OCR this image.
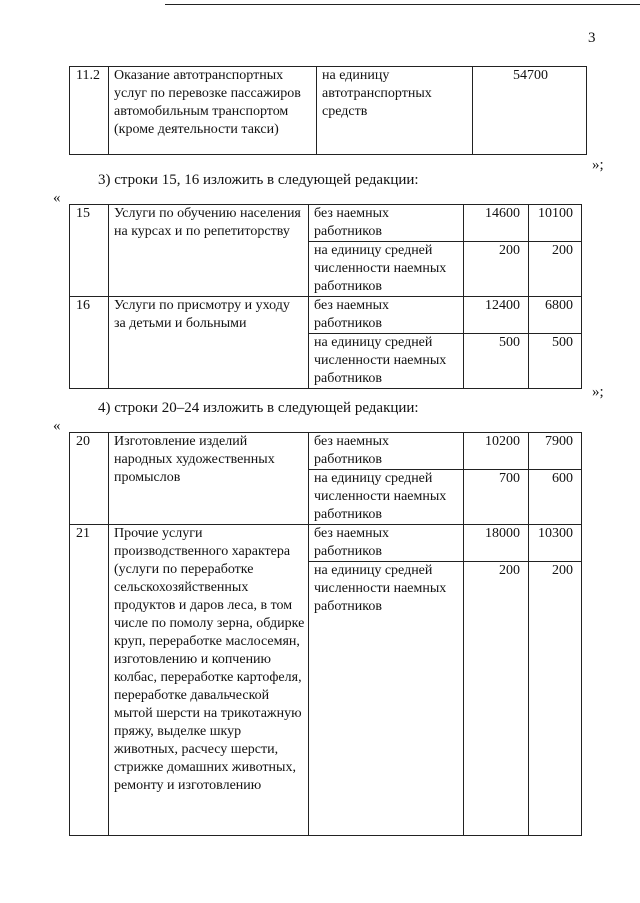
3
11.2	Оказание автотранспортных услуг по перевозке пассажиров автомобильным транспортом (кроме деятельности такси)	на единицу автотранспортных средств	54700
»;
3) строки 15, 16 изложить в следующей редакции:
«
15	Услуги по обучению населения на курсах и по репетиторству	без наемных работников	14600	10100
		на единицу средней численности наемных работников	200	200
16	Услуги по присмотру и уходу за детьми и больными	без наемных работников	12400	6800
		на единицу средней численности наемных работников	500	500
»;
4) строки 20–24 изложить в следующей редакции:
«
20	Изготовление изделий народных художественных промыслов	без наемных работников	10200	7900
		на единицу средней численности наемных работников	700	600
21	Прочие услуги производственного характера (услуги по переработке сельскохозяйственных продуктов и даров леса, в том числе по помолу зерна, обдирке круп, переработке маслосемян, изготовлению и копчению колбас, переработке картофеля, переработке давальческой мытой шерсти на трикотажную пряжу, выделке шкур животных, расчесу шерсти, стрижке домашних животных, ремонту и изготовлению	без наемных работников	18000	10300
		на единицу средней численности наемных работников	200	200
